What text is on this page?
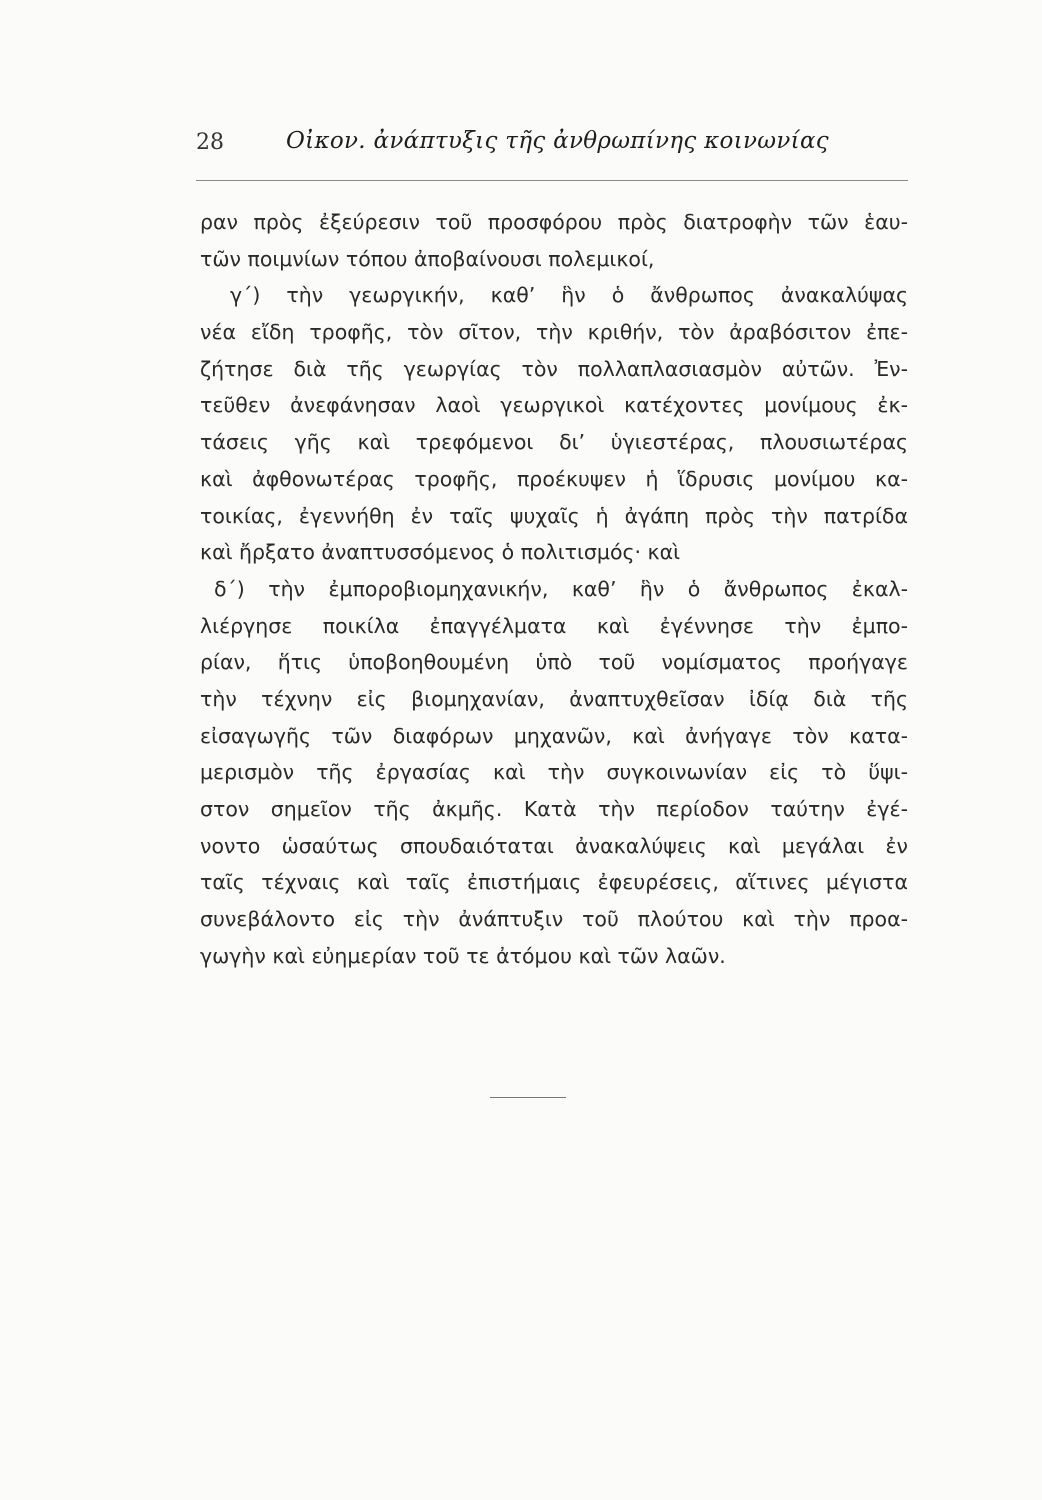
28	Οἰκον. ἀνάπτυξις τῆς ἀνθρωπίνης κοινωνίας
ραν πρὸς ἐξεύρεσιν τοῦ προσφόρου πρὸς διατροφὴν τῶν ἑαυ-
τῶν ποιμνίων τόπου ἀποβαίνουσι πολεμικοί,
γ΄) τὴν γεωργικήν, καθ’ ἣν ὁ ἄνθρωπος ἀνακαλύψας
νέα εἴδη τροφῆς, τὸν σῖτον, τὴν κριθήν, τὸν ἀραβόσιτον ἐπε-
ζήτησε διὰ τῆς γεωργίας τὸν πολλαπλασιασμὸν αὐτῶν. Ἐν-
τεῦθεν ἀνεφάνησαν λαοὶ γεωργικοὶ κατέχοντες μονίμους ἐκ-
τάσεις γῆς καὶ τρεφόμενοι δι’ ὑγιεστέρας, πλουσιωτέρας
καὶ ἀφθονωτέρας τροφῆς, προέκυψεν ἡ ἵδρυσις μονίμου κα-
τοικίας, ἐγεννήθη ἐν ταῖς ψυχαῖς ἡ ἀγάπη πρὸς τὴν πατρίδα
καὶ ἤρξατο ἀναπτυσσόμενος ὁ πολιτισμός· καὶ
δ΄) τὴν ἐμποροβιομηχανικήν, καθ’ ἣν ὁ ἄνθρωπος ἐκαλ-
λιέργησε ποικίλα ἐπαγγέλματα καὶ ἐγέννησε τὴν ἐμπο-
ρίαν, ἥτις ὑποβοηθουμένη ὑπὸ τοῦ νομίσματος προήγαγε
τὴν τέχνην εἰς βιομηχανίαν, ἀναπτυχθεῖσαν ἰδίᾳ διὰ τῆς
εἰσαγωγῆς τῶν διαφόρων μηχανῶν, καὶ ἀνήγαγε τὸν κατα-
μερισμὸν τῆς ἐργασίας καὶ τὴν συγκοινωνίαν εἰς τὸ ὕψι-
στον σημεῖον τῆς ἀκμῆς. Κατὰ τὴν περίοδον ταύτην ἐγέ-
νοντο ὡσαύτως σπουδαιόταται ἀνακαλύψεις καὶ μεγάλαι ἐν
ταῖς τέχναις καὶ ταῖς ἐπιστήμαις ἐφευρέσεις, αἵτινες μέγιστα
συνεβάλοντο εἰς τὴν ἀνάπτυξιν τοῦ πλούτου καὶ τὴν προα-
γωγὴν καὶ εὐημερίαν τοῦ τε ἀτόμου καὶ τῶν λαῶν.
